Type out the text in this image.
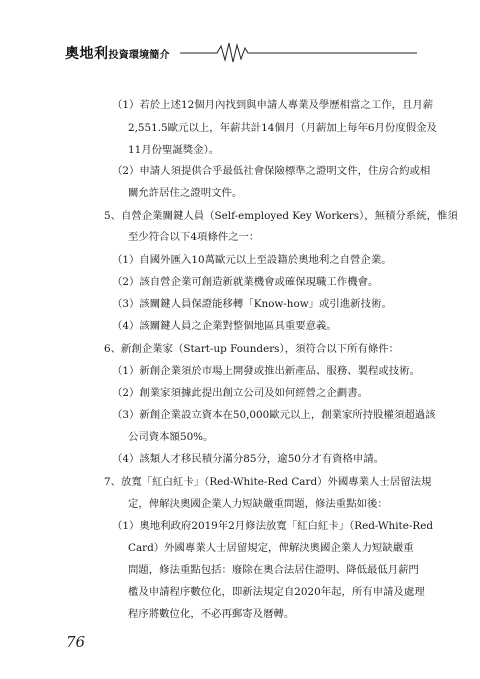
奧地利投資環境簡介
（1）若於上述12個月內找到與申請人專業及學歷相當之工作，且月薪
2,551.5歐元以上，年薪共計14個月（月薪加上每年6月份度假金及
11月份聖誕獎金）。
（2）申請人須提供合乎最低社會保險標準之證明文件，住房合約或相
關允許居住之證明文件。
5、自營企業關鍵人員（Self-employed Key Workers），無積分系統，惟須
至少符合以下4項條件之一：
（1）自國外匯入10萬歐元以上至設籍於奧地利之自營企業。
（2）該自營企業可創造新就業機會或確保現職工作機會。
（3）該關鍵人員保證能移轉「Know-how」或引進新技術。
（4）該關鍵人員之企業對整個地區具重要意義。
6、新創企業家（Start-up Founders），須符合以下所有條件：
（1）新創企業須於市場上開發或推出新產品、服務、製程或技術。
（2）創業家須據此提出創立公司及如何經營之企劃書。
（3）新創企業設立資本在50,000歐元以上，創業家所持股權須超過該
公司資本額50%。
（4）該類人才移民積分滿分85分，逾50分才有資格申請。
7、放寬「紅白紅卡」（Red-White-Red Card）外國專業人士居留法規
定，俾解決奧國企業人力短缺嚴重問題，修法重點如後：
（1）奧地利政府2019年2月修法放寬「紅白紅卡」（Red-White-Red
Card）外國專業人士居留規定，俾解決奧國企業人力短缺嚴重
問題，修法重點包括：廢除在奧合法居住證明、降低最低月薪門
檻及申請程序數位化，即新法規定自2020年起，所有申請及處理
程序將數位化，不必再郵寄及曆轉。
76
